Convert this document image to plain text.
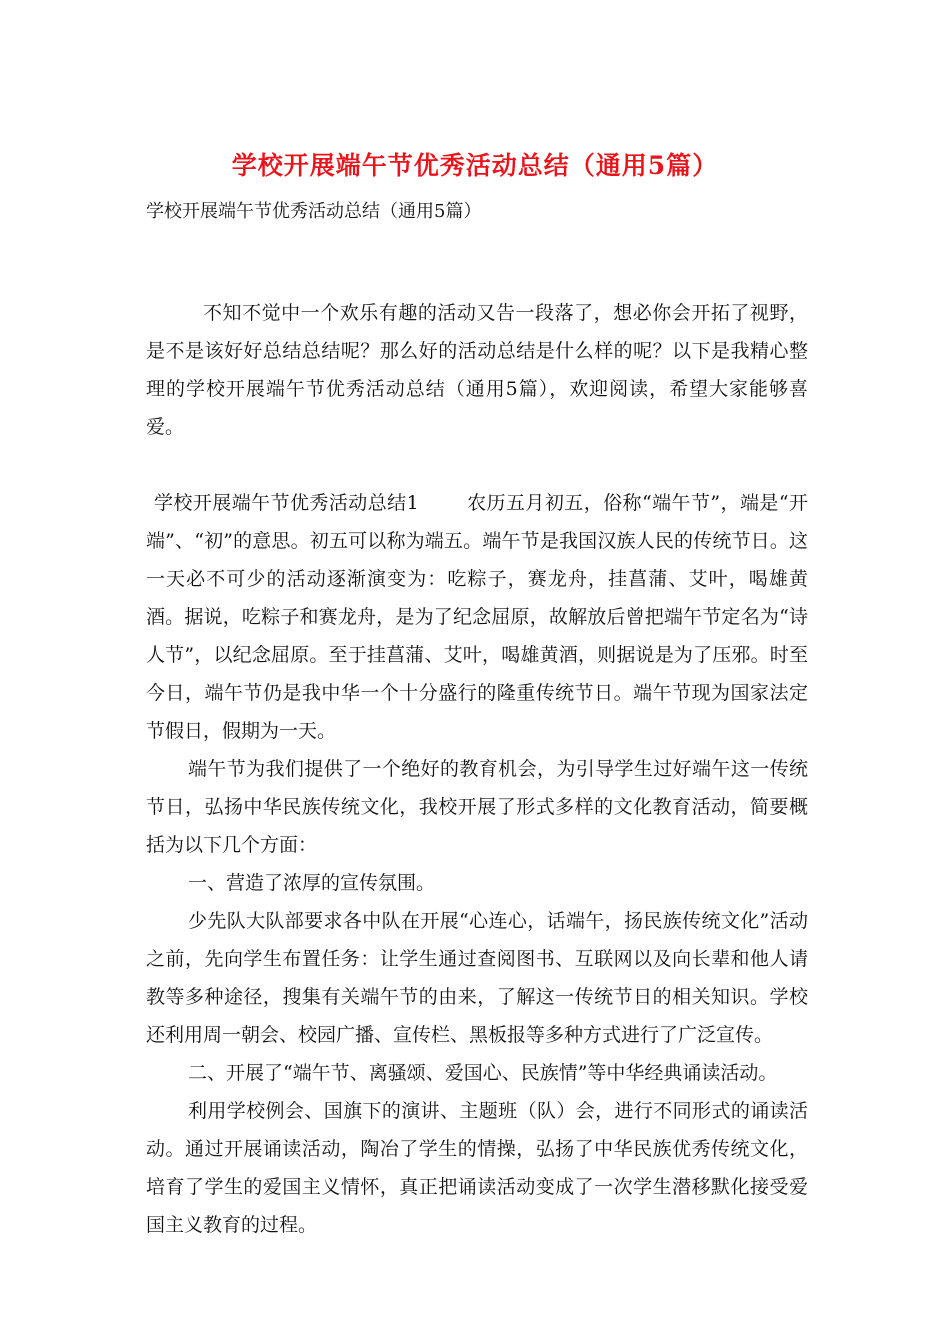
学校开展端午节优秀活动总结（通用5篇）
学校开展端午节优秀活动总结（通用5篇）

不知不觉中一个欢乐有趣的活动又告一段落了，想必你会开拓了视野，是不是该好好总结总结呢？那么好的活动总结是什么样的呢？以下是我精心整理的学校开展端午节优秀活动总结（通用5篇），欢迎阅读，希望大家能够喜爱。

学校开展端午节优秀活动总结1	农历五月初五，俗称“端午节”，端是“开端”、“初”的意思。初五可以称为端五。端午节是我国汉族人民的传统节日。这一天必不可少的活动逐渐演变为：吃粽子，赛龙舟，挂菖蒲、艾叶，喝雄黄酒。据说，吃粽子和赛龙舟，是为了纪念屈原，故解放后曾把端午节定名为“诗人节”，以纪念屈原。至于挂菖蒲、艾叶，喝雄黄酒，则据说是为了压邪。时至今日，端午节仍是我中华一个十分盛行的隆重传统节日。端午节现为国家法定节假日，假期为一天。

端午节为我们提供了一个绝好的教育机会，为引导学生过好端午这一传统节日，弘扬中华民族传统文化，我校开展了形式多样的文化教育活动，简要概括为以下几个方面：

一、营造了浓厚的宣传氛围。

少先队大队部要求各中队在开展“心连心，话端午，扬民族传统文化”活动之前，先向学生布置任务：让学生通过查阅图书、互联网以及向长辈和他人请教等多种途径，搜集有关端午节的由来，了解这一传统节日的相关知识。学校还利用周一朝会、校园广播、宣传栏、黑板报等多种方式进行了广泛宣传。

二、开展了“端午节、离骚颂、爱国心、民族情”等中华经典诵读活动。

利用学校例会、国旗下的演讲、主题班（队）会，进行不同形式的诵读活动。通过开展诵读活动，陶冶了学生的情操，弘扬了中华民族优秀传统文化，培育了学生的爱国主义情怀，真正把诵读活动变成了一次学生潜移默化接受爱国主义教育的过程。
